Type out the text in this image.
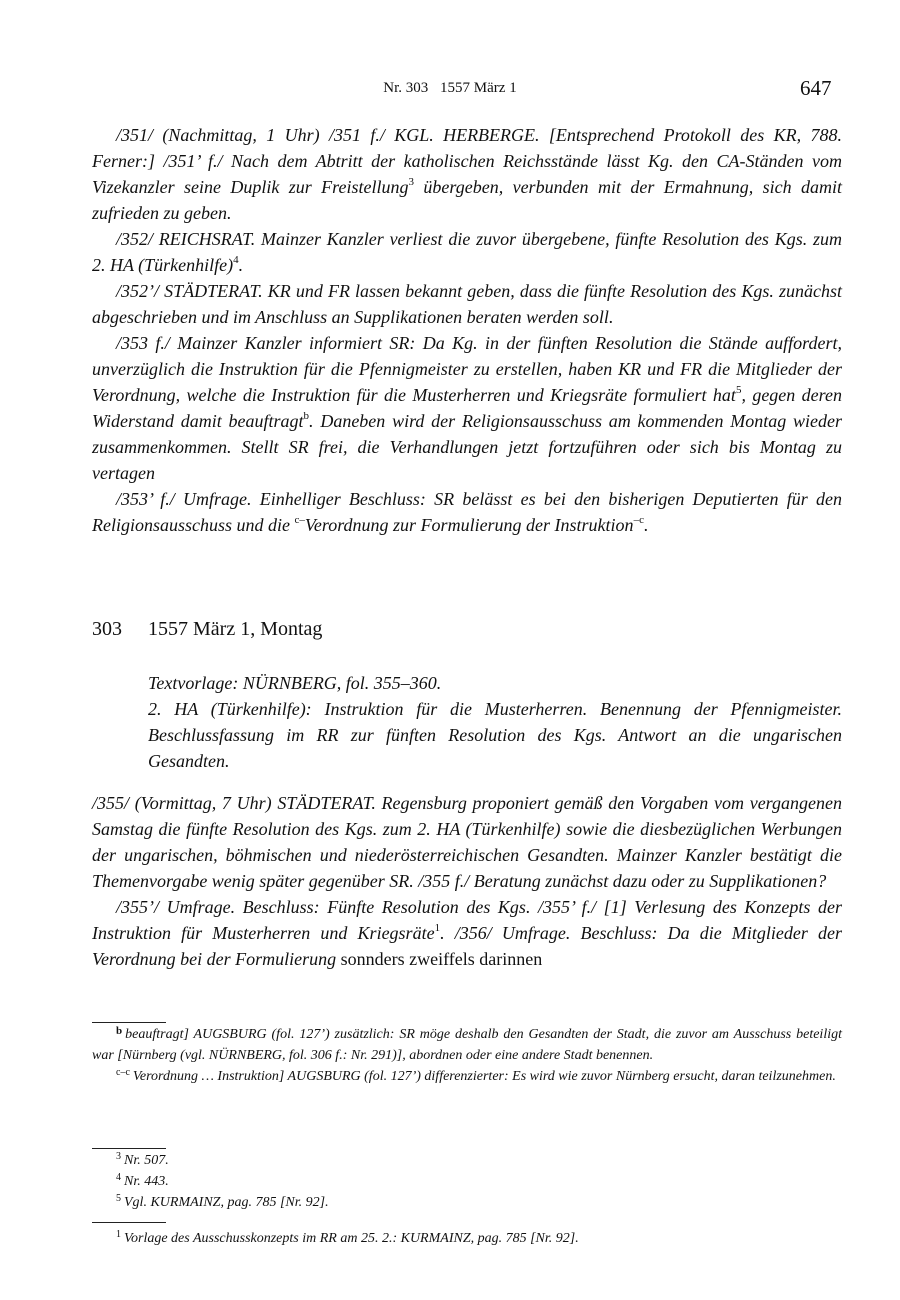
Nr. 303 1557 März 1	647

/351/ (Nachmittag, 1 Uhr) /351 f./ KGL. HERBERGE. [Entsprechend Protokoll des KR, 788. Ferner:] /351’ f./ Nach dem Abtritt der katholischen Reichsstände lässt Kg. den CA-Ständen vom Vizekanzler seine Duplik zur Freistellung$^3$ übergeben, verbunden mit der Ermahnung, sich damit zufrieden zu geben.

/352/ REICHSRAT. Mainzer Kanzler verliest die zuvor übergebene, fünfte Resolution des Kgs. zum 2. HA (Türkenhilfe)$^4$.

/352’/ STÄDTERAT. KR und FR lassen bekannt geben, dass die fünfte Resolution des Kgs. zunächst abgeschrieben und im Anschluss an Supplikationen beraten werden soll.

/353 f./ Mainzer Kanzler informiert SR: Da Kg. in der fünften Resolution die Stände auffordert, unverzüglich die Instruktion für die Pfennigmeister zu erstellen, haben KR und FR die Mitglieder der Verordnung, welche die Instruktion für die Musterherren und Kriegsräte formuliert hat$^5$, gegen deren Widerstand damit beauftragt$^b$. Daneben wird der Religionsausschuss am kommenden Montag wieder zusammenkommen. Stellt SR frei, die Verhandlungen jetzt fortzuführen oder sich bis Montag zu vertagen

/353’ f./ Umfrage. Einhelliger Beschluss: SR belässt es bei den bisherigen Deputierten für den Religionsausschuss und die $^{c-}$Verordnung zur Formulierung der Instruktion$^{-c}$.

303 1557 März 1, Montag

Textvorlage: NÜRNBERG, fol. 355–360.

2. HA (Türkenhilfe): Instruktion für die Musterherren. Benennung der Pfennigmeister. Beschlussfassung im RR zur fünften Resolution des Kgs. Antwort an die ungarischen Gesandten.

/355/ (Vormittag, 7 Uhr) STÄDTERAT. Regensburg proponiert gemäß den Vorgaben vom vergangenen Samstag die fünfte Resolution des Kgs. zum 2. HA (Türkenhilfe) sowie die diesbezüglichen Werbungen der ungarischen, böhmischen und niederösterreichischen Gesandten. Mainzer Kanzler bestätigt die Themenvorgabe wenig später gegenüber SR. /355 f./ Beratung zunächst dazu oder zu Supplikationen?

/355’/ Umfrage. Beschluss: Fünfte Resolution des Kgs. /355’ f./ [1] Verlesung des Konzepts der Instruktion für Musterherren und Kriegsräte$^1$. /356/ Umfrage. Beschluss: Da die Mitglieder der Verordnung bei der Formulierung sonnders zweiffels darinnen

$^b$ beauftragt] AUGSBURG (fol. 127’) zusätzlich: SR möge deshalb den Gesandten der Stadt, die zuvor am Ausschuss beteiligt war [Nürnberg (vgl. NÜRNBERG, fol. 306 f.: Nr. 291)], abordnen oder eine andere Stadt benennen.

$^{c-c}$ Verordnung … Instruktion] AUGSBURG (fol. 127’) differenzierter: Es wird wie zuvor Nürnberg ersucht, daran teilzunehmen.

$^3$ Nr. 507.

$^4$ Nr. 443.

$^5$ Vgl. KURMAINZ, pag. 785 [Nr. 92].

$^1$ Vorlage des Ausschusskonzepts im RR am 25. 2.: KURMAINZ, pag. 785 [Nr. 92].
